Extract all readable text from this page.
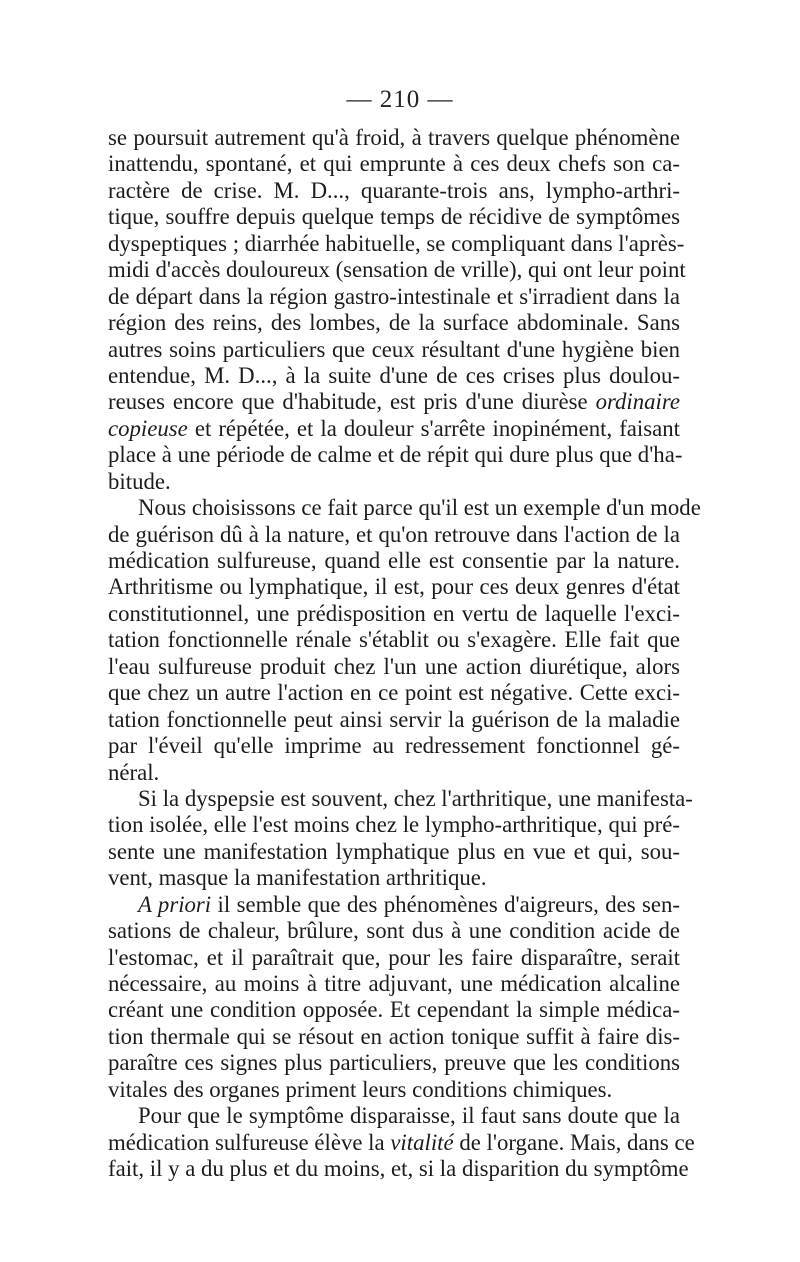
— 210 —

se poursuit autrement qu'à froid, à travers quelque phénomène
inattendu, spontané, et qui emprunte à ces deux chefs son ca-
ractère de crise. M. D..., quarante-trois ans, lympho-arthri-
tique, souffre depuis quelque temps de récidive de symptômes
dyspeptiques ; diarrhée habituelle, se compliquant dans l'après-
midi d'accès douloureux (sensation de vrille), qui ont leur point
de départ dans la région gastro-intestinale et s'irradient dans la
région des reins, des lombes, de la surface abdominale. Sans
autres soins particuliers que ceux résultant d'une hygiène bien
entendue, M. D..., à la suite d'une de ces crises plus doulou-
reuses encore que d'habitude, est pris d'une diurèse ordinaire
copieuse et répétée, et la douleur s'arrête inopinément, faisant
place à une période de calme et de répit qui dure plus que d'ha-
bitude.

Nous choisissons ce fait parce qu'il est un exemple d'un mode
de guérison dû à la nature, et qu'on retrouve dans l'action de la
médication sulfureuse, quand elle est consentie par la nature.
Arthritisme ou lymphatique, il est, pour ces deux genres d'état
constitutionnel, une prédisposition en vertu de laquelle l'exci-
tation fonctionnelle rénale s'établit ou s'exagère. Elle fait que
l'eau sulfureuse produit chez l'un une action diurétique, alors
que chez un autre l'action en ce point est négative. Cette exci-
tation fonctionnelle peut ainsi servir la guérison de la maladie
par l'éveil qu'elle imprime au redressement fonctionnel gé-
néral.

Si la dyspepsie est souvent, chez l'arthritique, une manifesta-
tion isolée, elle l'est moins chez le lympho-arthritique, qui pré-
sente une manifestation lymphatique plus en vue et qui, sou-
vent, masque la manifestation arthritique.

A priori il semble que des phénomènes d'aigreurs, des sen-
sations de chaleur, brûlure, sont dus à une condition acide de
l'estomac, et il paraîtrait que, pour les faire disparaître, serait
nécessaire, au moins à titre adjuvant, une médication alcaline
créant une condition opposée. Et cependant la simple médica-
tion thermale qui se résout en action tonique suffit à faire dis-
paraître ces signes plus particuliers, preuve que les conditions
vitales des organes priment leurs conditions chimiques.

Pour que le symptôme disparaisse, il faut sans doute que la
médication sulfureuse élève la vitalité de l'organe. Mais, dans ce
fait, il y a du plus et du moins, et, si la disparition du symptôme
